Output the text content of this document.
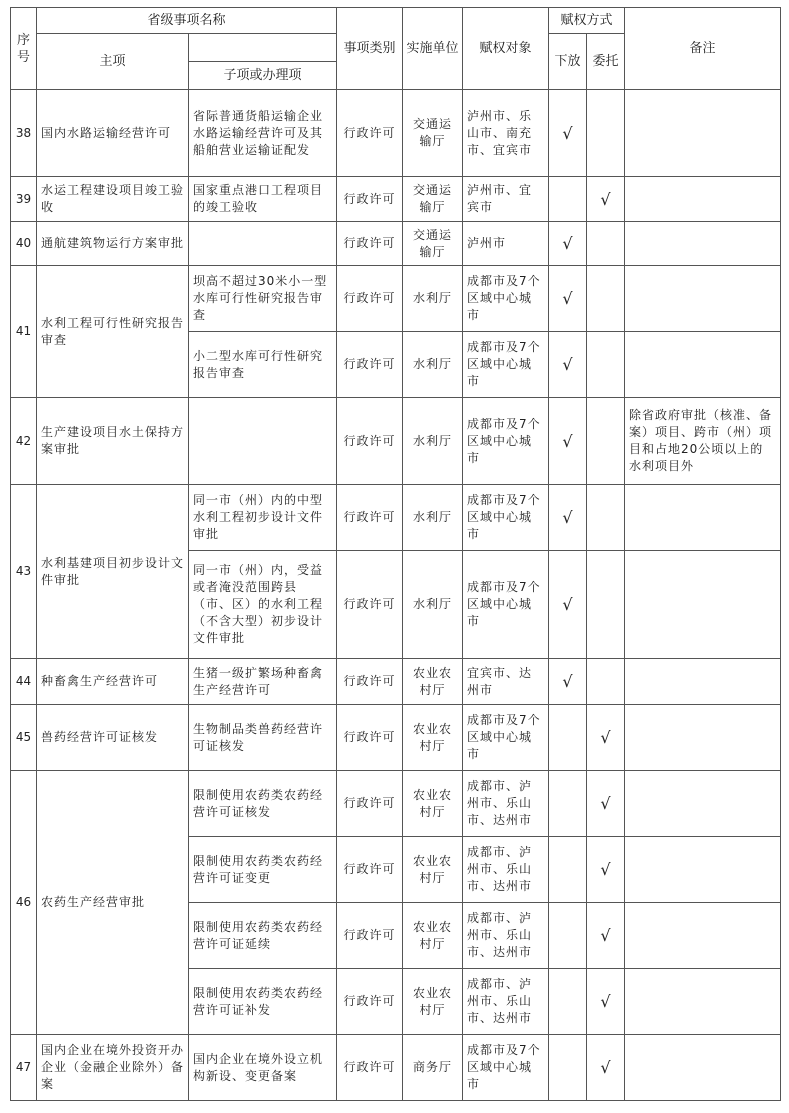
序号	省级事项名称		事项类别	实施单位	赋权对象	赋权方式		备注
	主项					下放	委托	
		子项或办理项						
38	国内水路运输经营许可	省际普通货船运输企业水路运输经营许可及其船舶营业运输证配发	行政许可	交通运输厅	泸州市、乐山市、南充市、宜宾市	√		
39	水运工程建设项目竣工验收	国家重点港口工程项目的竣工验收	行政许可	交通运输厅	泸州市、宜宾市		√	
40	通航建筑物运行方案审批		行政许可	交通运输厅	泸州市	√		
41	水利工程可行性研究报告审查	坝高不超过30米小一型水库可行性研究报告审查	行政许可	水利厅	成都市及7个区域中心城市	√		
		小二型水库可行性研究报告审查	行政许可	水利厅	成都市及7个区域中心城市	√		
42	生产建设项目水土保持方案审批		行政许可	水利厅	成都市及7个区域中心城市	√		除省政府审批（核准、备案）项目、跨市（州）项目和占地20公顷以上的水利项目外
43	水利基建项目初步设计文件审批	同一市（州）内的中型水利工程初步设计文件审批	行政许可	水利厅	成都市及7个区域中心城市	√		
		同一市（州）内，受益或者淹没范围跨县（市、区）的水利工程（不含大型）初步设计文件审批	行政许可	水利厅	成都市及7个区域中心城市	√		
44	种畜禽生产经营许可	生猪一级扩繁场种畜禽生产经营许可	行政许可	农业农村厅	宜宾市、达州市	√		
45	兽药经营许可证核发	生物制品类兽药经营许可证核发	行政许可	农业农村厅	成都市及7个区域中心城市		√	
46	农药生产经营审批	限制使用农药类农药经营许可证核发	行政许可	农业农村厅	成都市、泸州市、乐山市、达州市		√	
		限制使用农药类农药经营许可证变更	行政许可	农业农村厅	成都市、泸州市、乐山市、达州市		√	
		限制使用农药类农药经营许可证延续	行政许可	农业农村厅	成都市、泸州市、乐山市、达州市		√	
		限制使用农药类农药经营许可证补发	行政许可	农业农村厅	成都市、泸州市、乐山市、达州市		√	
47	国内企业在境外投资开办企业（金融企业除外）备案	国内企业在境外设立机构新设、变更备案	行政许可	商务厅	成都市及7个区域中心城市		√	
